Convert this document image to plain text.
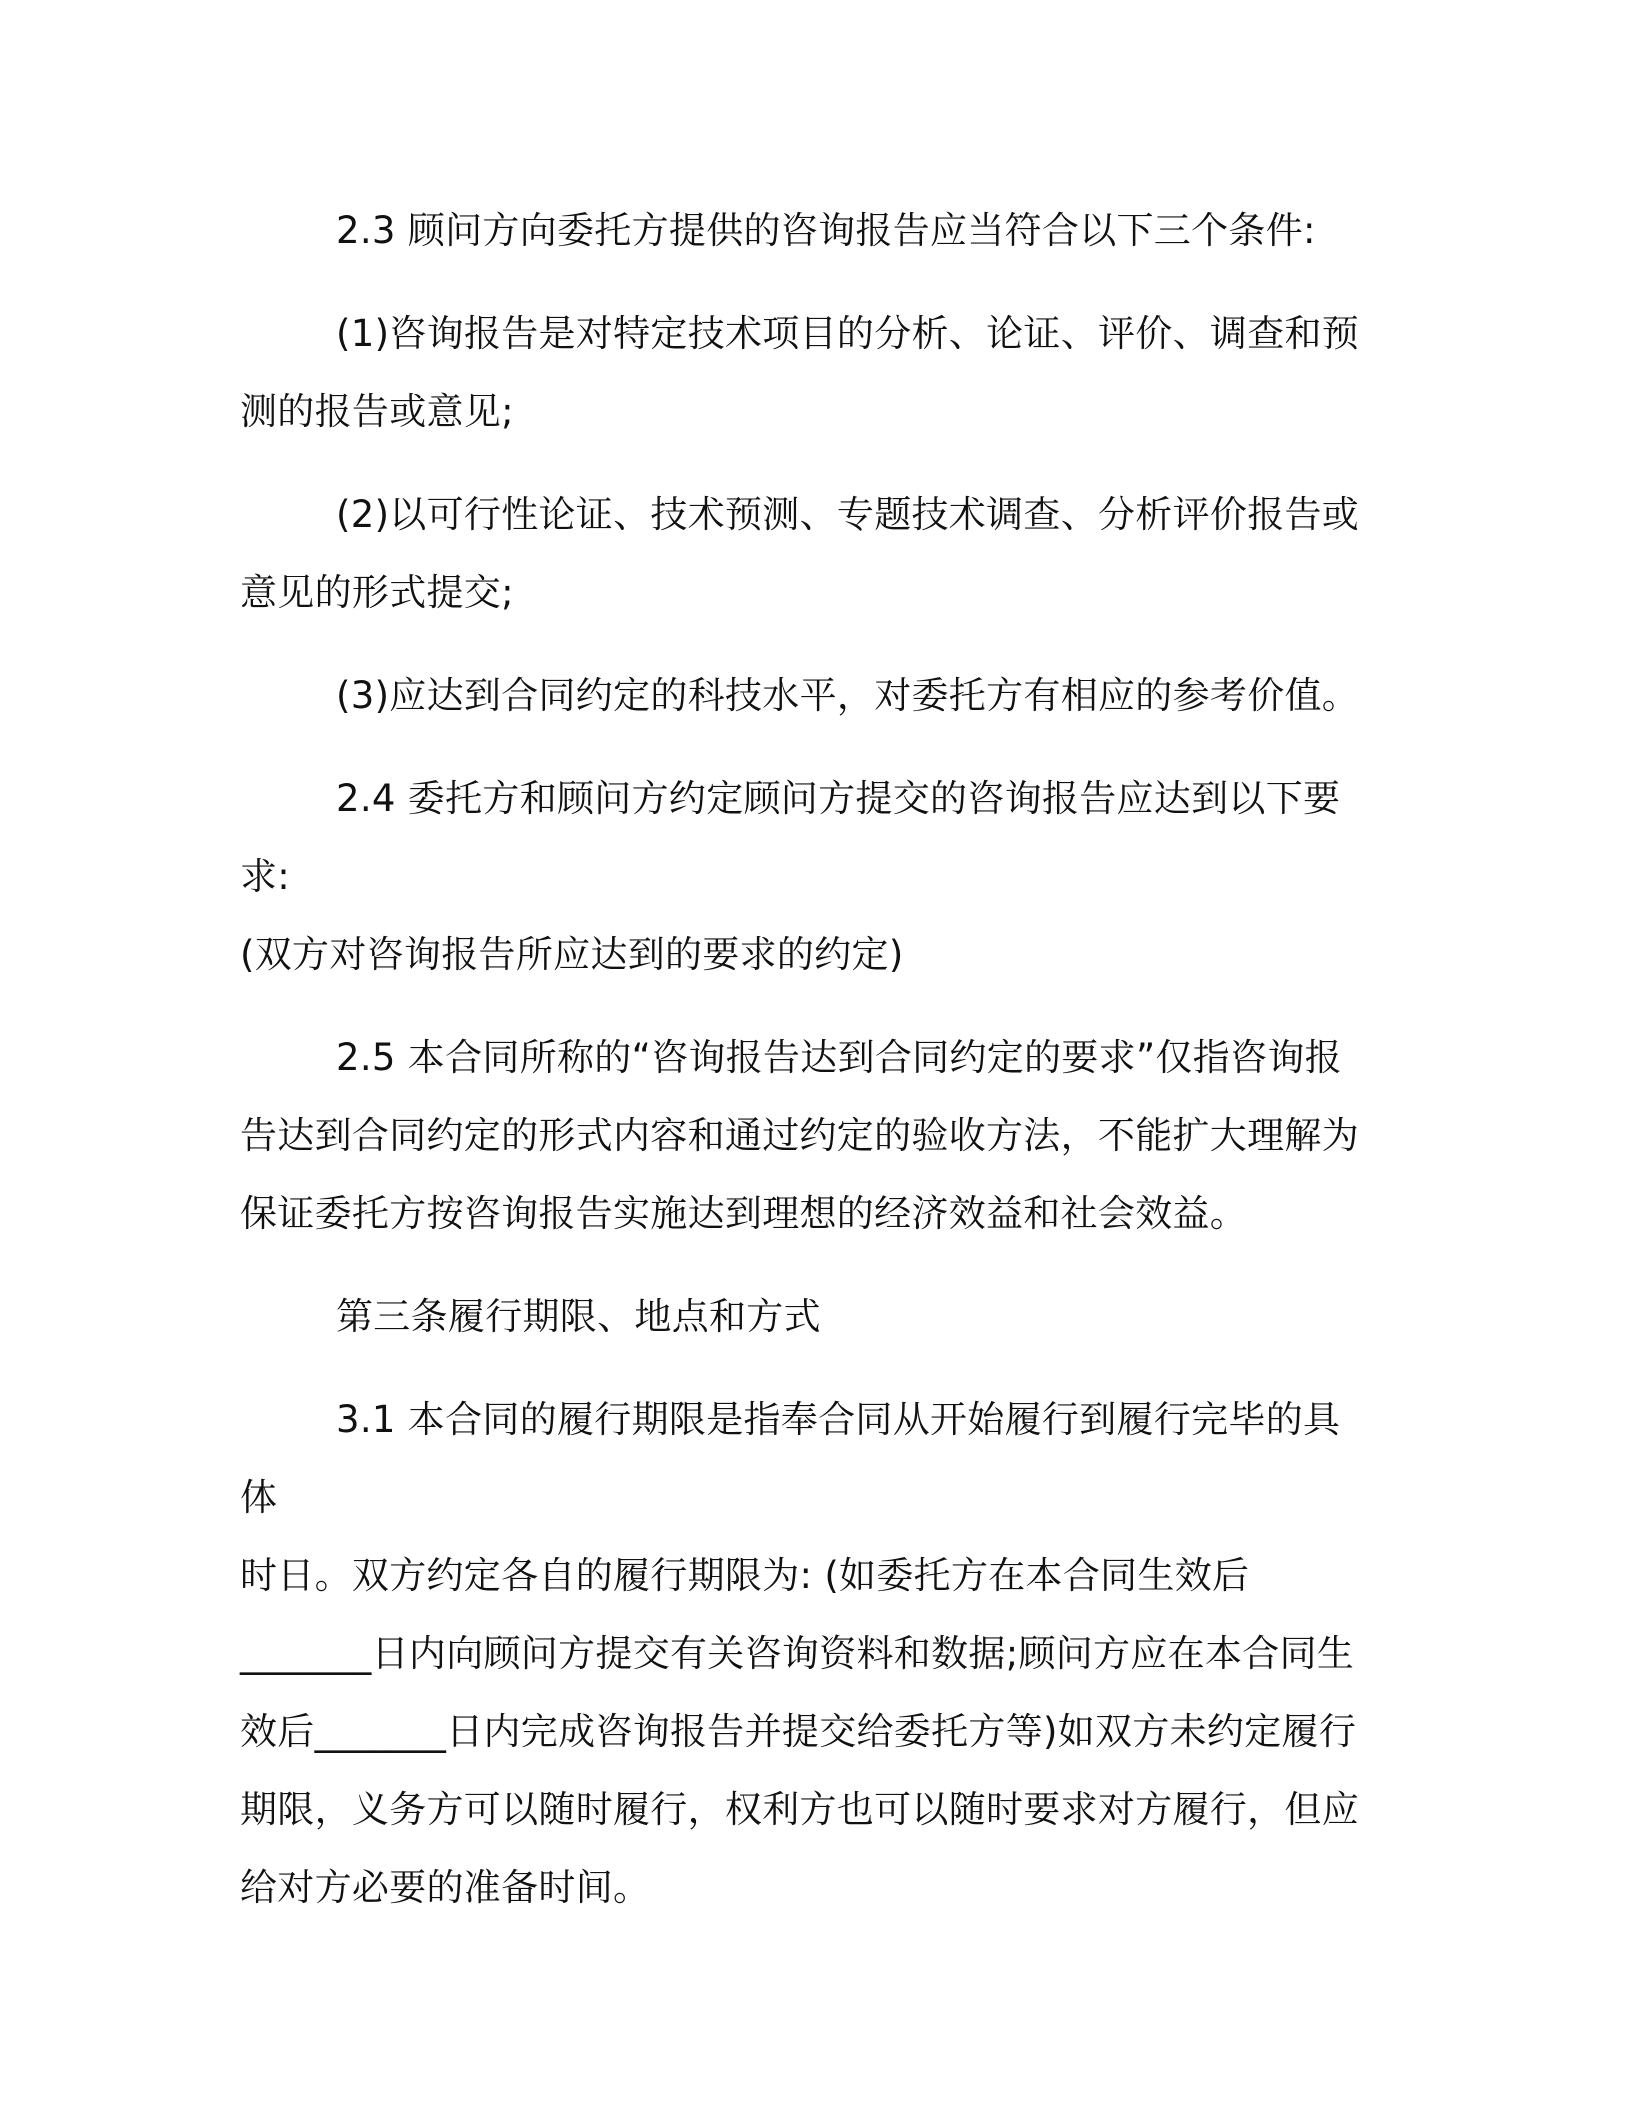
2.3 顾问方向委托方提供的咨询报告应当符合以下三个条件:

(1)咨询报告是对特定技术项目的分析、论证、评价、调查和预
测的报告或意见;

(2)以可行性论证、技术预测、专题技术调查、分析评价报告或
意见的形式提交;

(3)应达到合同约定的科技水平，对委托方有相应的参考价值。

2.4 委托方和顾问方约定顾问方提交的咨询报告应达到以下要求:
(双方对咨询报告所应达到的要求的约定)

2.5 本合同所称的“咨询报告达到合同约定的要求”仅指咨询报
告达到合同约定的形式内容和通过约定的验收方法，不能扩大理解为
保证委托方按咨询报告实施达到理想的经济效益和社会效益。

第三条履行期限、地点和方式

3.1 本合同的履行期限是指奉合同从开始履行到履行完毕的具体
时日。双方约定各自的履行期限为: (如委托方在本合同生效后
_______日内向顾问方提交有关咨询资料和数据;顾问方应在本合同生
效后_______日内完成咨询报告并提交给委托方等)如双方未约定履行
期限，义务方可以随时履行，权利方也可以随时要求对方履行，但应
给对方必要的准备时间。
